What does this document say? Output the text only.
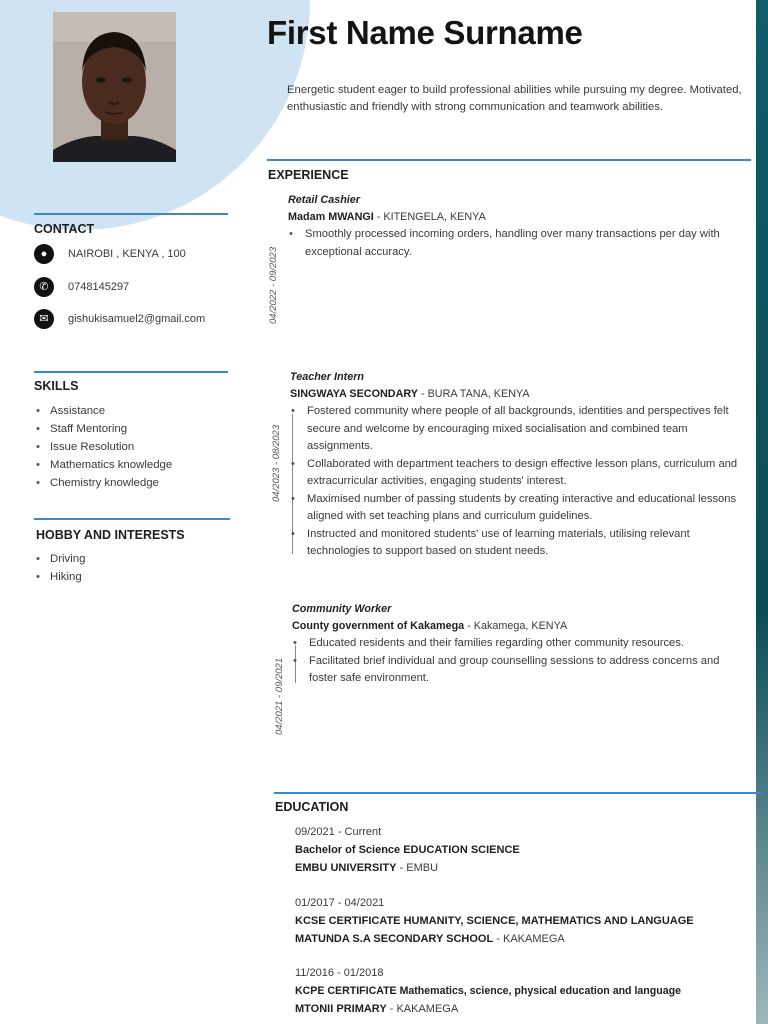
First Name Surname

Energetic student eager to build professional abilities while pursuing my degree. Motivated, enthusiastic and friendly with strong communication and teamwork abilities.

CONTACT
●	NAIROBI , KENYA , 100
✆	0748145297
✉	gishukisamuel2@gmail.com
SKILLS
• Assistance
• Staff Mentoring
• Issue Resolution
• Mathematics knowledge
• Chemistry knowledge
HOBBY AND INTERESTS
• Driving
• Hiking
EXPERIENCE
04/2022 - 09/2023

Retail Cashier

Madam MWANGI - KITENGELA, KENYA

• Smoothly processed incoming orders, handling over many transactions per day with exceptional accuracy.
04/2023 - 08/2023

Teacher Intern

SINGWAYA SECONDARY - BURA TANA, KENYA

• Fostered community where people of all backgrounds, identities and perspectives felt secure and welcome by encouraging mixed socialisation and combined team assignments.
• Collaborated with department teachers to design effective lesson plans, curriculum and extracurricular activities, engaging students' interest.
• Maximised number of passing students by creating interactive and educational lessons aligned with set teaching plans and curriculum guidelines.
• Instructed and monitored students' use of learning materials, utilising relevant technologies to support based on student needs.
04/2021 - 09/2021

Community Worker

County government of Kakamega - Kakamega, KENYA

• Educated residents and their families regarding other community resources.
• Facilitated brief individual and group counselling sessions to address concerns and foster safe environment.
EDUCATION

09/2021 - Current

Bachelor of Science EDUCATION SCIENCE

EMBU UNIVERSITY - EMBU

01/2017 - 04/2021

KCSE CERTIFICATE HUMANITY, SCIENCE, MATHEMATICS AND LANGUAGE

MATUNDA S.A SECONDARY SCHOOL - KAKAMEGA

11/2016 - 01/2018

KCPE CERTIFICATE Mathematics, science, physical education and language

MTONII PRIMARY - KAKAMEGA
